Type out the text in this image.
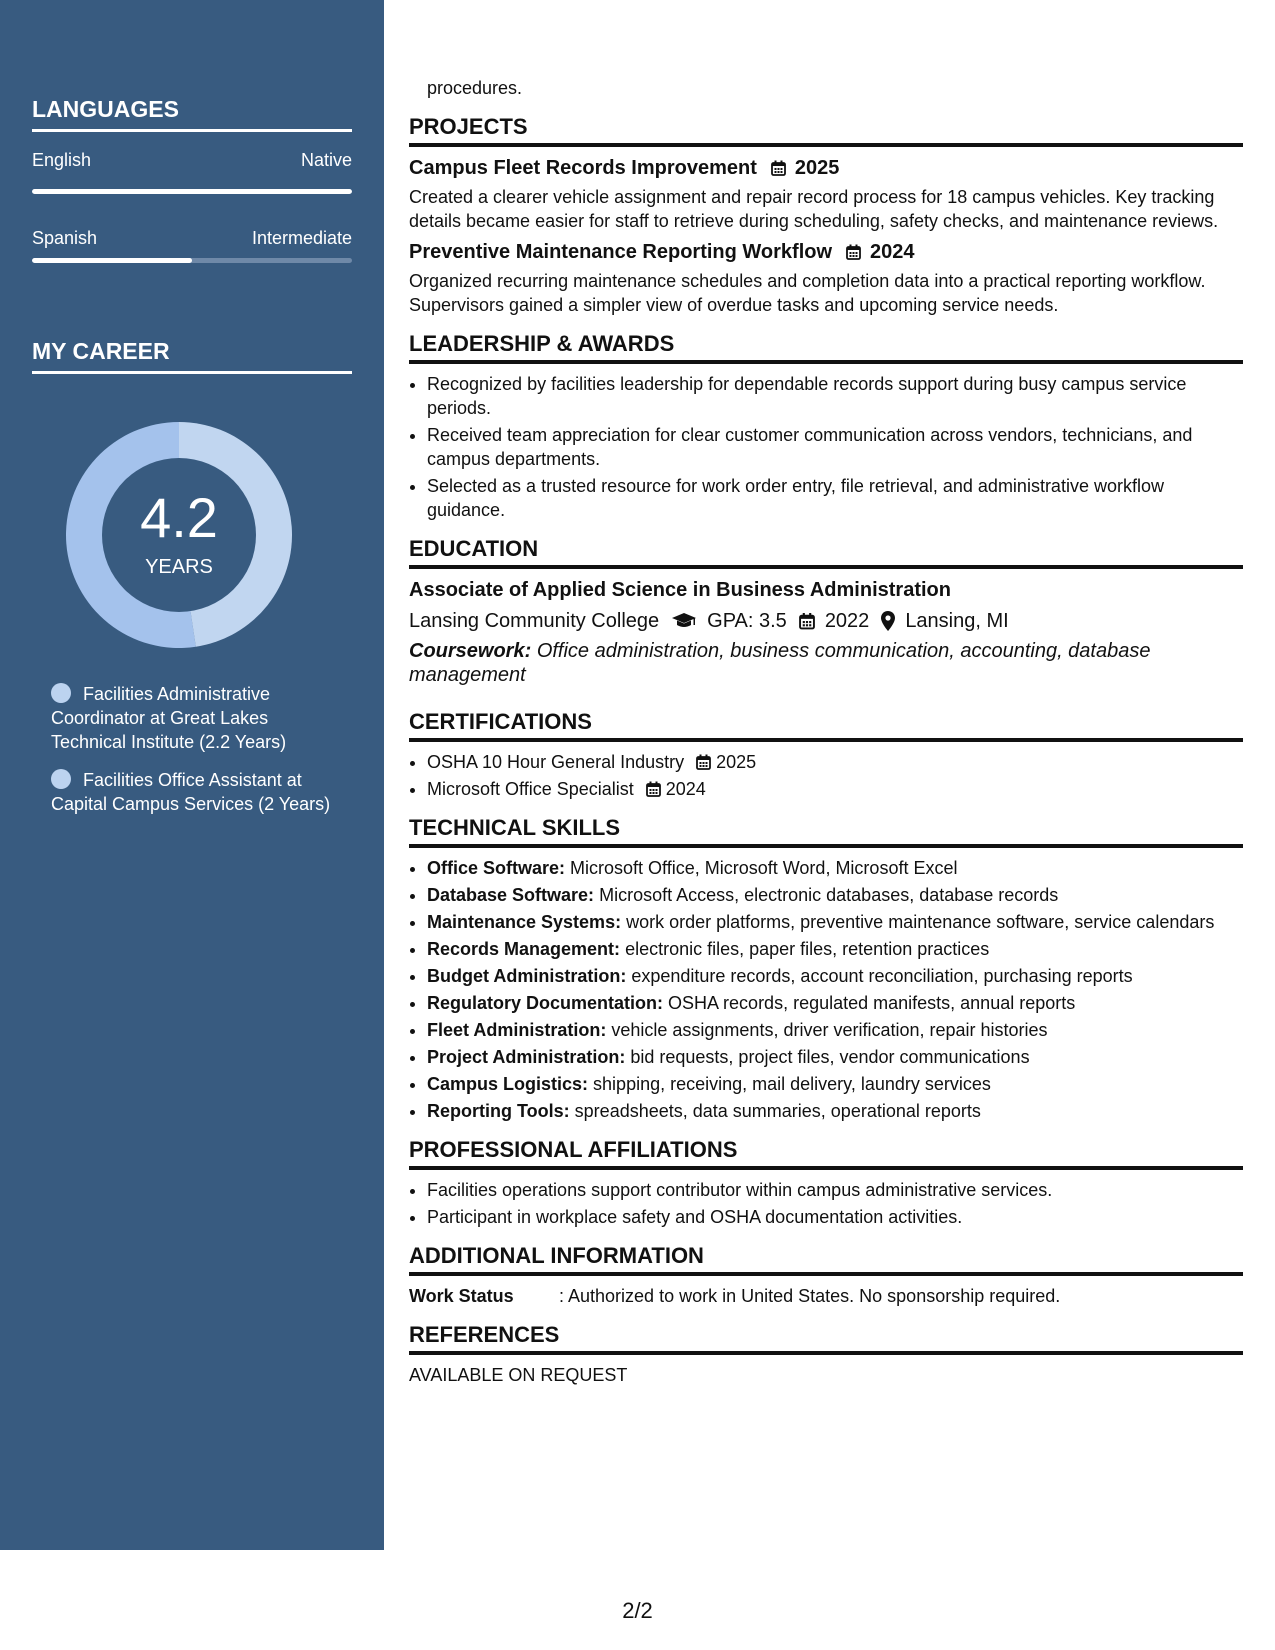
LANGUAGES
English	Native
Spanish	Intermediate
MY CAREER
4.2
YEARS
Facilities Administrative Coordinator at Great Lakes Technical Institute (2.2 Years)
Facilities Office Assistant at Capital Campus Services (2 Years)
procedures.
PROJECTS
Campus Fleet Records Improvement 2025
Created a clearer vehicle assignment and repair record process for 18 campus vehicles. Key tracking details became easier for staff to retrieve during scheduling, safety checks, and maintenance reviews.
Preventive Maintenance Reporting Workflow 2024
Organized recurring maintenance schedules and completion data into a practical reporting workflow. Supervisors gained a simpler view of overdue tasks and upcoming service needs.
LEADERSHIP & AWARDS
• Recognized by facilities leadership for dependable records support during busy campus service periods.
• Received team appreciation for clear customer communication across vendors, technicians, and campus departments.
• Selected as a trusted resource for work order entry, file retrieval, and administrative workflow guidance.
EDUCATION
Associate of Applied Science in Business Administration
Lansing Community College GPA: 3.5 2022 Lansing, MI
Coursework: Office administration, business communication, accounting, database management
CERTIFICATIONS
• OSHA 10 Hour General Industry 2025
• Microsoft Office Specialist 2024
TECHNICAL SKILLS
• Office Software: Microsoft Office, Microsoft Word, Microsoft Excel
• Database Software: Microsoft Access, electronic databases, database records
• Maintenance Systems: work order platforms, preventive maintenance software, service calendars
• Records Management: electronic files, paper files, retention practices
• Budget Administration: expenditure records, account reconciliation, purchasing reports
• Regulatory Documentation: OSHA records, regulated manifests, annual reports
• Fleet Administration: vehicle assignments, driver verification, repair histories
• Project Administration: bid requests, project files, vendor communications
• Campus Logistics: shipping, receiving, mail delivery, laundry services
• Reporting Tools: spreadsheets, data summaries, operational reports
PROFESSIONAL AFFILIATIONS
• Facilities operations support contributor within campus administrative services.
• Participant in workplace safety and OSHA documentation activities.
ADDITIONAL INFORMATION
Work Status	: Authorized to work in United States. No sponsorship required.
REFERENCES
AVAILABLE ON REQUEST
2/2
